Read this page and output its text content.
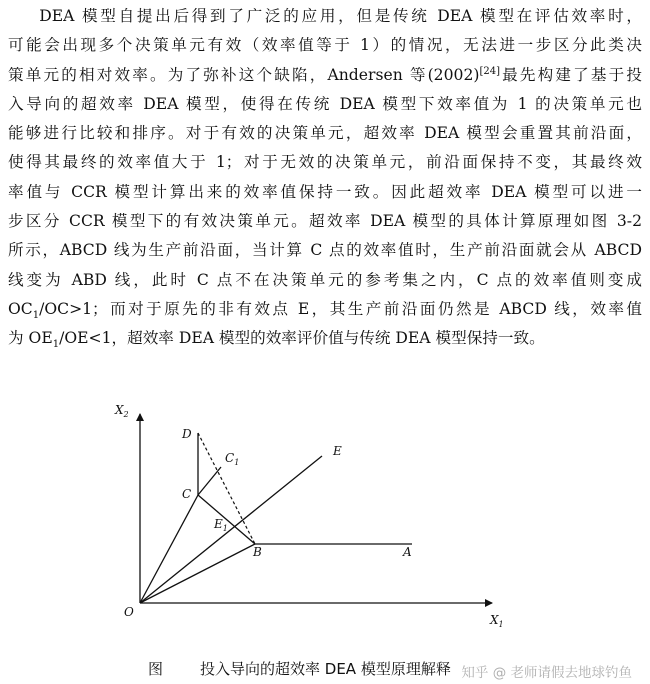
DEA 模型自提出后得到了广泛的应用，但是传统 DEA 模型在评估效率时，
可能会出现多个决策单元有效（效率值等于 1）的情况，无法进一步区分此类决
策单元的相对效率。为了弥补这个缺陷，Andersen 等(2002)[24]最先构建了基于投
入导向的超效率 DEA 模型，使得在传统 DEA 模型下效率值为 1 的决策单元也
能够进行比较和排序。对于有效的决策单元，超效率 DEA 模型会重置其前沿面，
使得其最终的效率值大于 1；对于无效的决策单元，前沿面保持不变，其最终效
率值与 CCR 模型计算出来的效率值保持一致。因此超效率 DEA 模型可以进一
步区分 CCR 模型下的有效决策单元。超效率 DEA 模型的具体计算原理如图 3-2
所示，ABCD 线为生产前沿面，当计算 C 点的效率值时，生产前沿面就会从 ABCD
线变为 ABD 线，此时 C 点不在决策单元的参考集之内，C 点的效率值则变成
$OC_1/OC>1$；而对于原先的非有效点 E，其生产前沿面仍然是 ABCD 线，效率值
为 $OE_1/OE<1$，超效率 DEA 模型的效率评价值与传统 DEA 模型保持一致。
$X_2$
$X_1$
O
D
$C_1$
C
$E_1$
E
B	A
图 投入导向的超效率 DEA 模型原理解释 知乎 @ 老师请假去地球钓鱼
